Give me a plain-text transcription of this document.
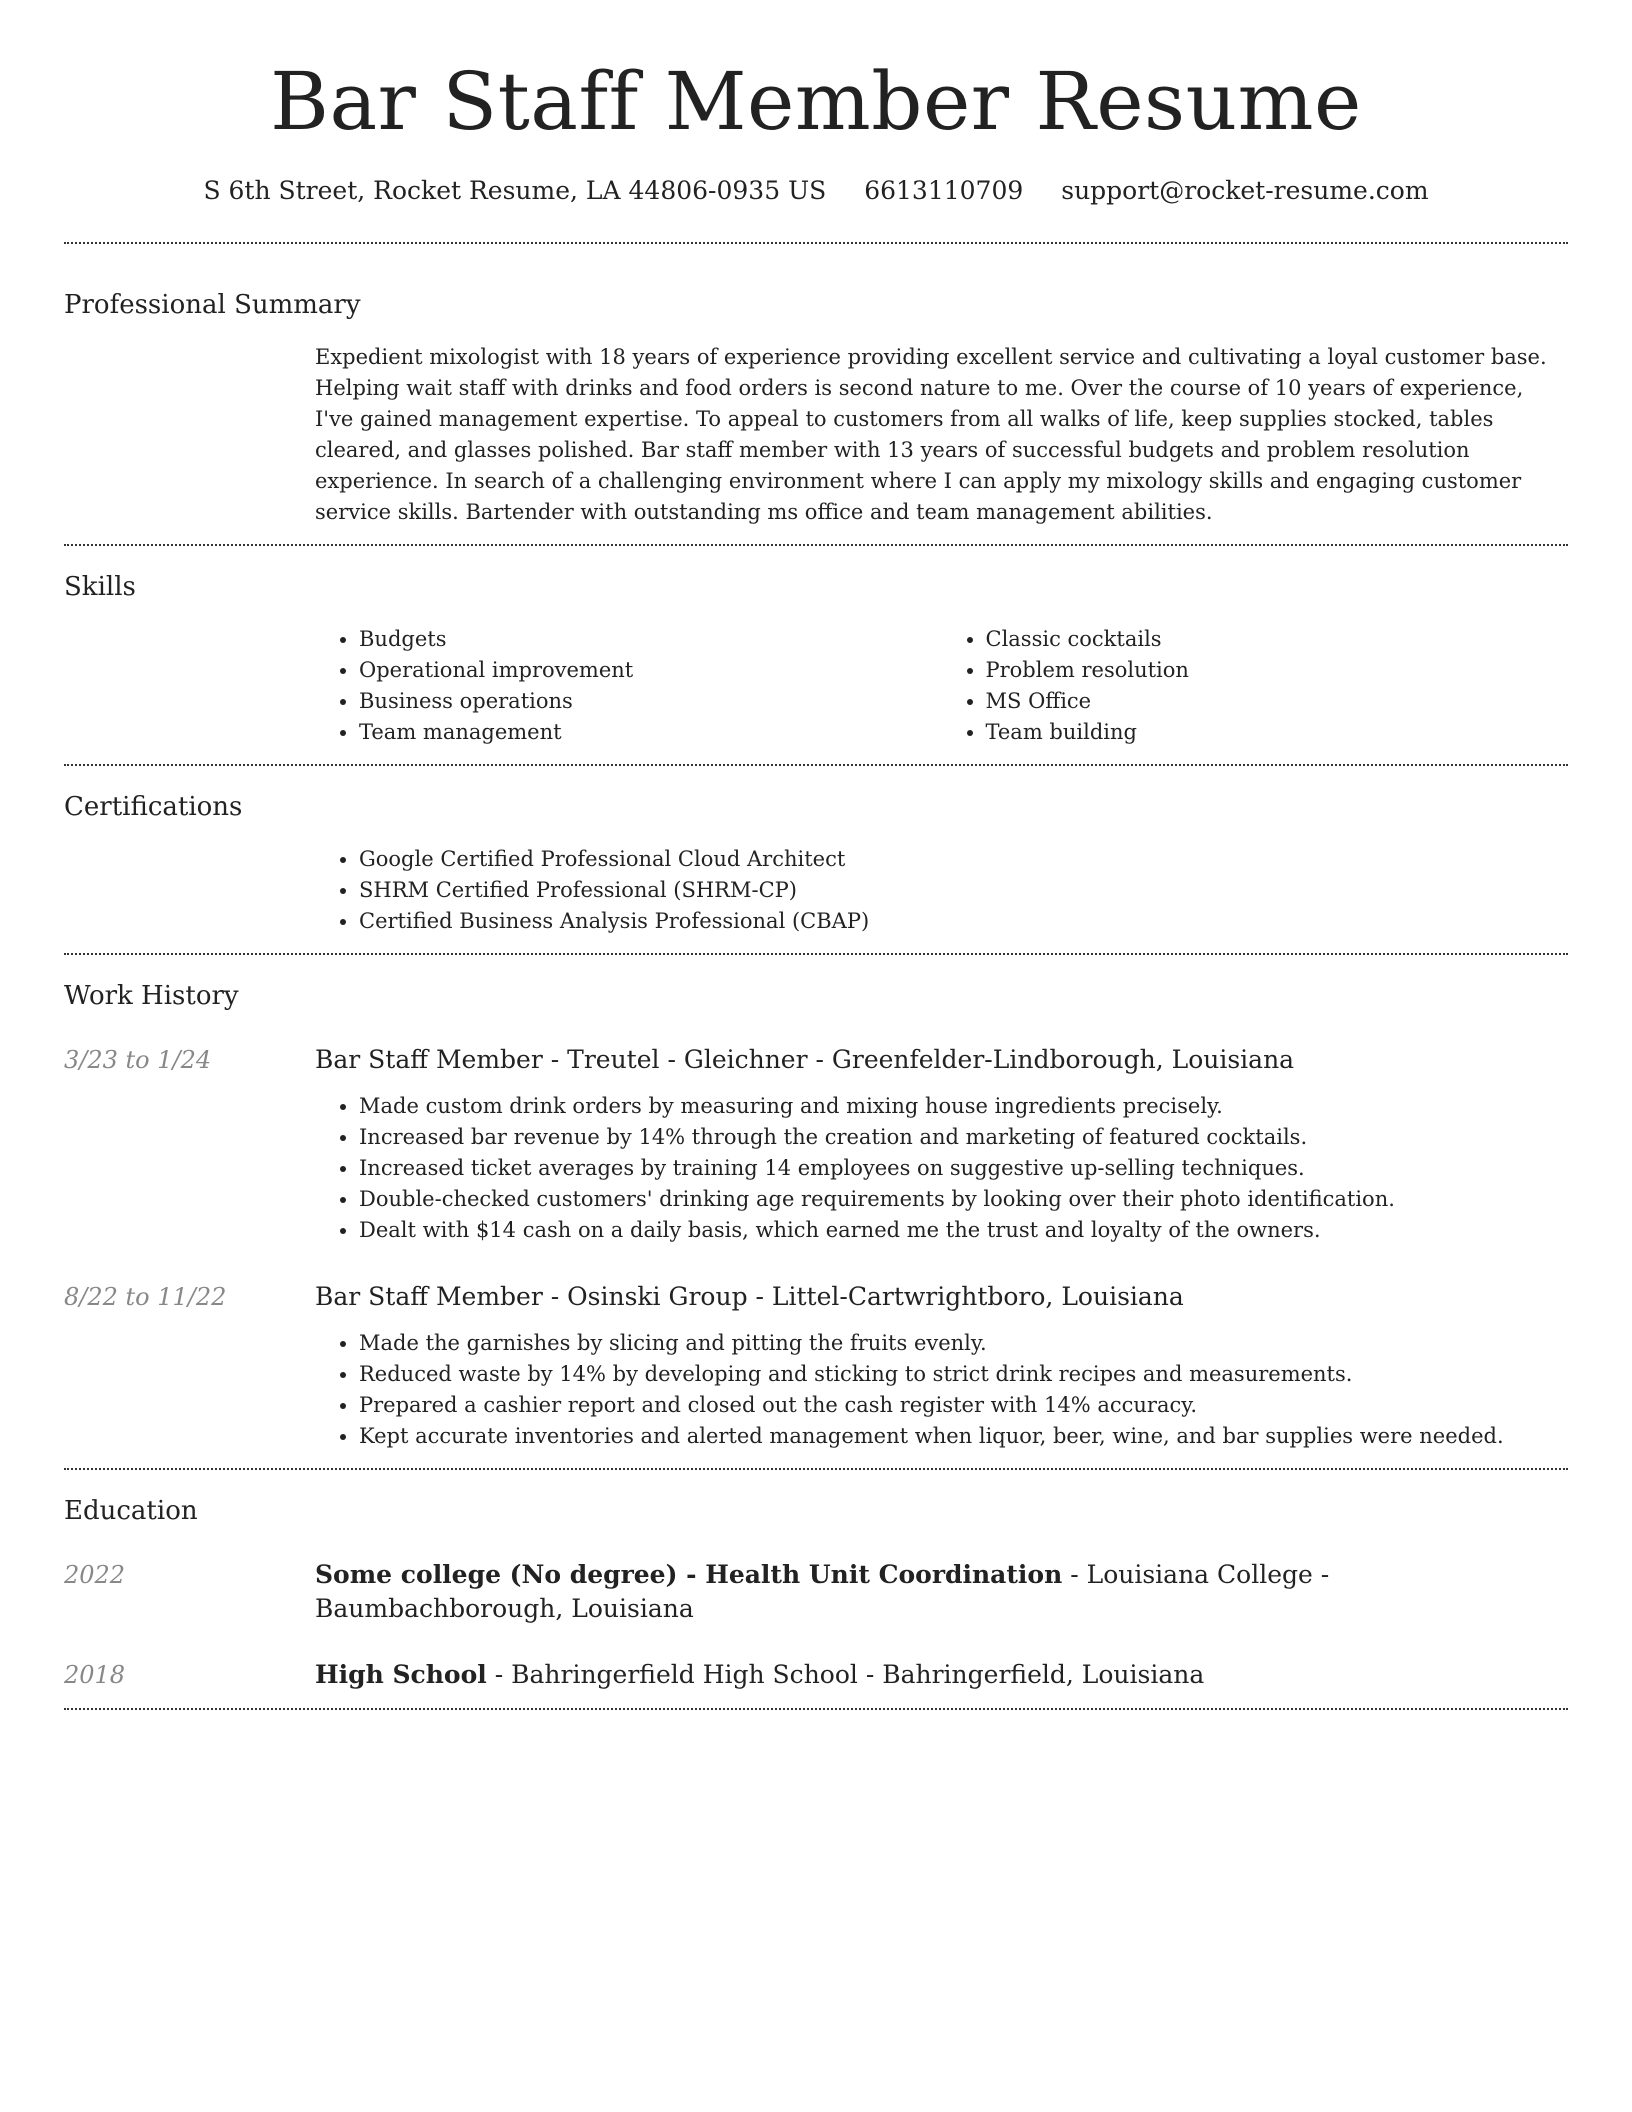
Bar Staff Member Resume
S 6th Street, Rocket Resume, LA 44806-0935 US 6613110709 support@rocket-resume.com
Professional Summary

Expedient mixologist with 18 years of experience providing excellent service and cultivating a loyal customer base. Helping wait staff with drinks and food orders is second nature to me. Over the course of 10 years of experience, I've gained management expertise. To appeal to customers from all walks of life, keep supplies stocked, tables cleared, and glasses polished. Bar staff member with 13 years of successful budgets and problem resolution experience. In search of a challenging environment where I can apply my mixology skills and engaging customer service skills. Bartender with outstanding ms office and team management abilities.

Skills
• Budgets
• Operational improvement
• Business operations
• Team management
• Classic cocktails
• Problem resolution
• MS Office
• Team building
Certifications
• Google Certified Professional Cloud Architect
• SHRM Certified Professional (SHRM-CP)
• Certified Business Analysis Professional (CBAP)
Work History
3/23 to 1/24	Bar Staff Member - Treutel - Gleichner - Greenfelder-Lindborough, Louisiana
• Made custom drink orders by measuring and mixing house ingredients precisely.
• Increased bar revenue by 14% through the creation and marketing of featured cocktails.
• Increased ticket averages by training 14 employees on suggestive up-selling techniques.
• Double-checked customers' drinking age requirements by looking over their photo identification.
• Dealt with $14 cash on a daily basis, which earned me the trust and loyalty of the owners.
8/22 to 11/22	Bar Staff Member - Osinski Group - Littel-Cartwrightboro, Louisiana
• Made the garnishes by slicing and pitting the fruits evenly.
• Reduced waste by 14% by developing and sticking to strict drink recipes and measurements.
• Prepared a cashier report and closed out the cash register with 14% accuracy.
• Kept accurate inventories and alerted management when liquor, beer, wine, and bar supplies were needed.
Education
2022	Some college (No degree) - Health Unit Coordination - Louisiana College - Baumbachborough, Louisiana
2018	High School - Bahringerfield High School - Bahringerfield, Louisiana
